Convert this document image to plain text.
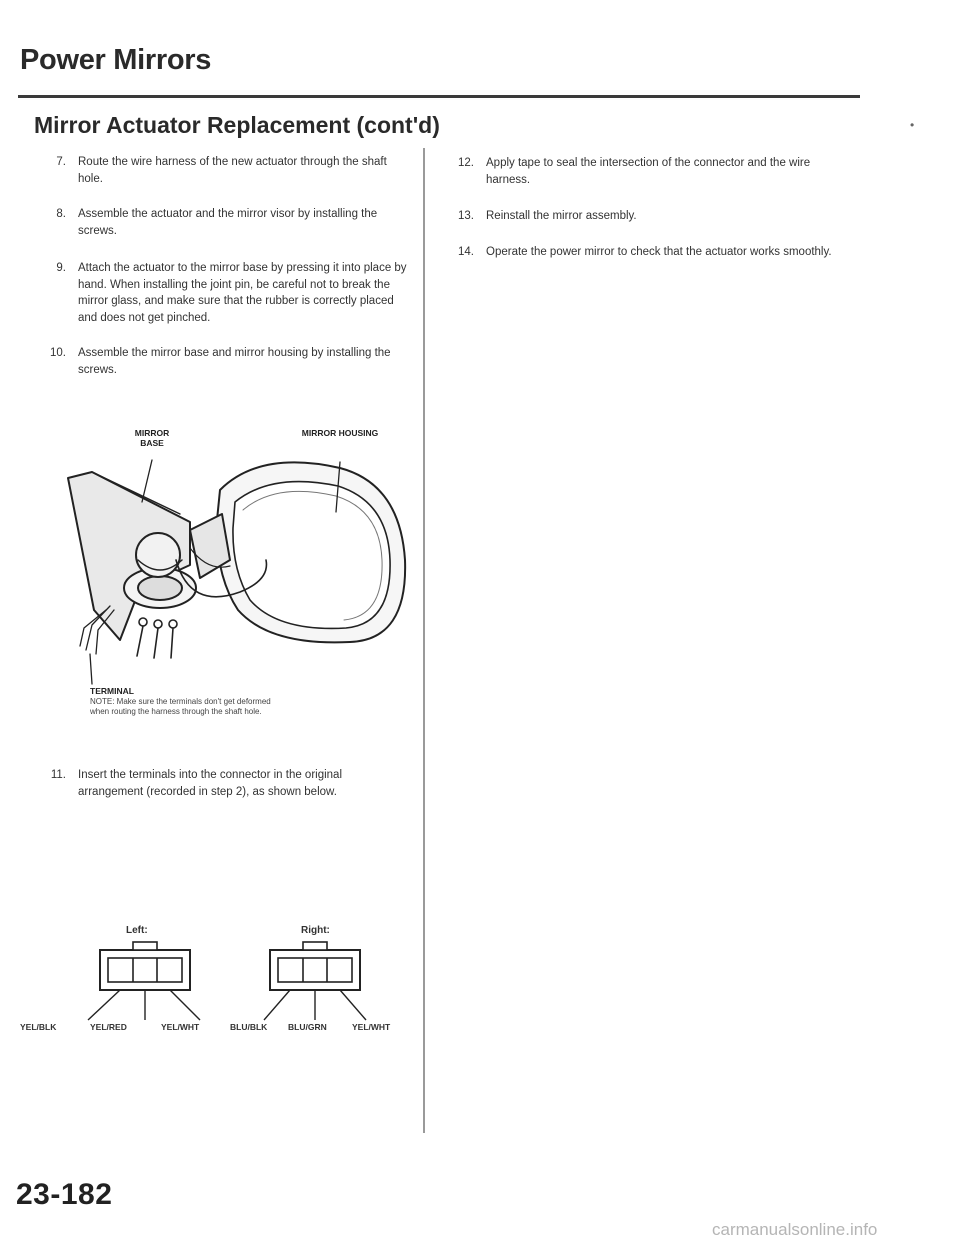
Power Mirrors
Mirror Actuator Replacement (cont'd)	•
7. Route the wire harness of the new actuator through the shaft hole.
8. Assemble the actuator and the mirror visor by installing the screws.
9. Attach the actuator to the mirror base by pressing it into place by hand. When installing the joint pin, be careful not to break the mirror glass, and make sure that the rubber is correctly placed and does not get pinched.
10. Assemble the mirror base and mirror housing by installing the screws.
MIRROR BASE
MIRROR HOUSING
TERMINAL
NOTE: Make sure the terminals don't get deformed when routing the harness through the shaft hole.
11. Insert the terminals into the connector in the original arrangement (recorded in step 2), as shown below.
Left:	Right:
YEL/BLK	YEL/RED	YEL/WHT	BLU/BLK BLU/GRN	YEL/WHT
12. Apply tape to seal the intersection of the connector and the wire harness.
13. Reinstall the mirror assembly.
14. Operate the power mirror to check that the actuator works smoothly.
23-182
carmanualsonline.info
